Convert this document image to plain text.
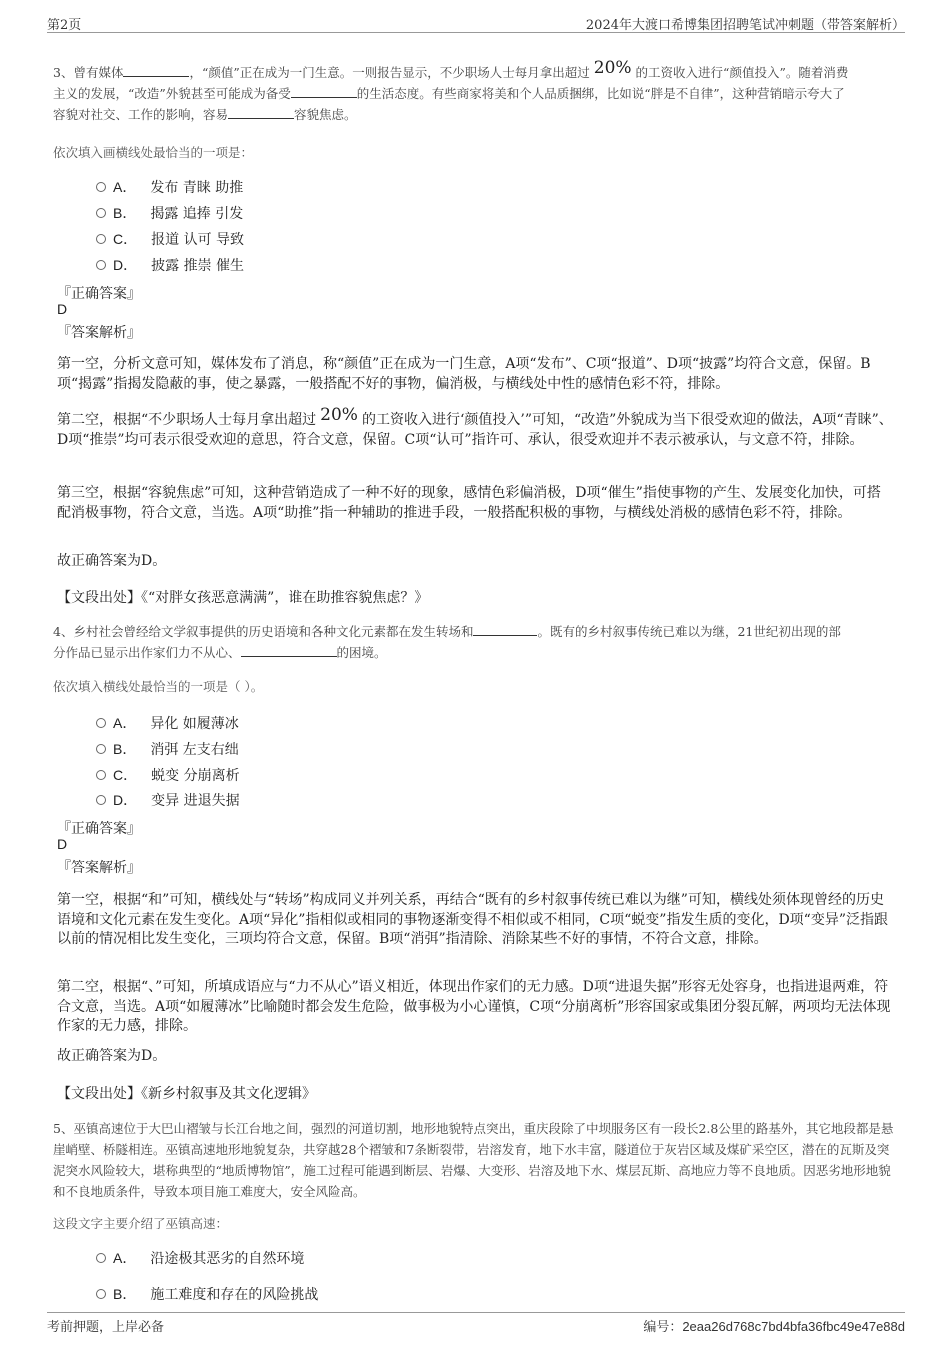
第2页	2024年大渡口希博集团招聘笔试冲刺题（带答案解析）
3、曾有媒体	，“颜值”正在成为一门生意。一则报告显示，不少职场人士每月拿出超过 20% 的工资收入进行“颜值投入”。随着消费
主义的发展，“改造”外貌甚至可能成为备受	的生活态度。有些商家将美和个人品质捆绑，比如说“胖是不自律”，这种营销暗示夸大了
容貌对社交、工作的影响，容易	容貌焦虑。
依次填入画横线处最恰当的一项是：
A． 发布 青睐 助推
B． 揭露 追捧 引发
C． 报道 认可 导致
D． 披露 推崇 催生
『正确答案』
D
『答案解析』
第一空，分析文意可知，媒体发布了消息，称“颜值”正在成为一门生意，A项“发布”、C项“报道”、D项“披露”均符合文意，保留。B项“揭露”指揭发隐蔽的事，使之暴露，一般搭配不好的事物，偏消极，与横线处中性的感情色彩不符，排除。
第二空，根据“不少职场人士每月拿出超过 20% 的工资收入进行‘颜值投入’”可知，“改造”外貌成为当下很受欢迎的做法，A项“青睐”、D项“推崇”均可表示很受欢迎的意思，符合文意，保留。C项“认可”指许可、承认，很受欢迎并不表示被承认，与文意不符，排除。
第三空，根据“容貌焦虑”可知，这种营销造成了一种不好的现象，感情色彩偏消极，D项“催生”指使事物的产生、发展变化加快，可搭配消极事物，符合文意，当选。A项“助推”指一种辅助的推进手段，一般搭配积极的事物，与横线处消极的感情色彩不符，排除。
故正确答案为D。
【文段出处】《“对胖女孩恶意满满”，谁在助推容貌焦虑？》
4、乡村社会曾经给文学叙事提供的历史语境和各种文化元素都在发生转场和	。既有的乡村叙事传统已难以为继，21世纪初出现的部
分作品已显示出作家们力不从心、	的困境。
依次填入横线处最恰当的一项是（ ）。
A． 异化 如履薄冰
B． 消弭 左支右绌
C． 蜕变 分崩离析
D． 变异 进退失据
『正确答案』
D
『答案解析』
第一空，根据“和”可知，横线处与“转场”构成同义并列关系，再结合“既有的乡村叙事传统已难以为继”可知，横线处须体现曾经的历史语境和文化元素在发生变化。A项“异化”指相似或相同的事物逐渐变得不相似或不相同，C项“蜕变”指发生质的变化，D项“变异”泛指跟以前的情况相比发生变化，三项均符合文意，保留。B项“消弭”指清除、消除某些不好的事情，不符合文意，排除。
第二空，根据“、”可知，所填成语应与“力不从心”语义相近，体现出作家们的无力感。D项“进退失据”形容无处容身，也指进退两难，符合文意，当选。A项“如履薄冰”比喻随时都会发生危险，做事极为小心谨慎，C项“分崩离析”形容国家或集团分裂瓦解，两项均无法体现作家的无力感，排除。
故正确答案为D。
【文段出处】《新乡村叙事及其文化逻辑》
5、巫镇高速位于大巴山褶皱与长江台地之间，强烈的河道切割，地形地貌特点突出，重庆段除了中坝服务区有一段长2.8公里的路基外，其它地段都是悬崖峭壁、桥隧相连。巫镇高速地形地貌复杂，共穿越28个褶皱和7条断裂带，岩溶发育，地下水丰富，隧道位于灰岩区域及煤矿采空区，潜在的瓦斯及突泥突水风险较大，堪称典型的“地质博物馆”，施工过程可能遇到断层、岩爆、大变形、岩溶及地下水、煤层瓦斯、高地应力等不良地质。因恶劣地形地貌和不良地质条件，导致本项目施工难度大，安全风险高。
这段文字主要介绍了巫镇高速：
A． 沿途极其恶劣的自然环境
B． 施工难度和存在的风险挑战
考前押题，上岸必备	编号：2eaa26d768c7bd4bfa36fbc49e47e88d
